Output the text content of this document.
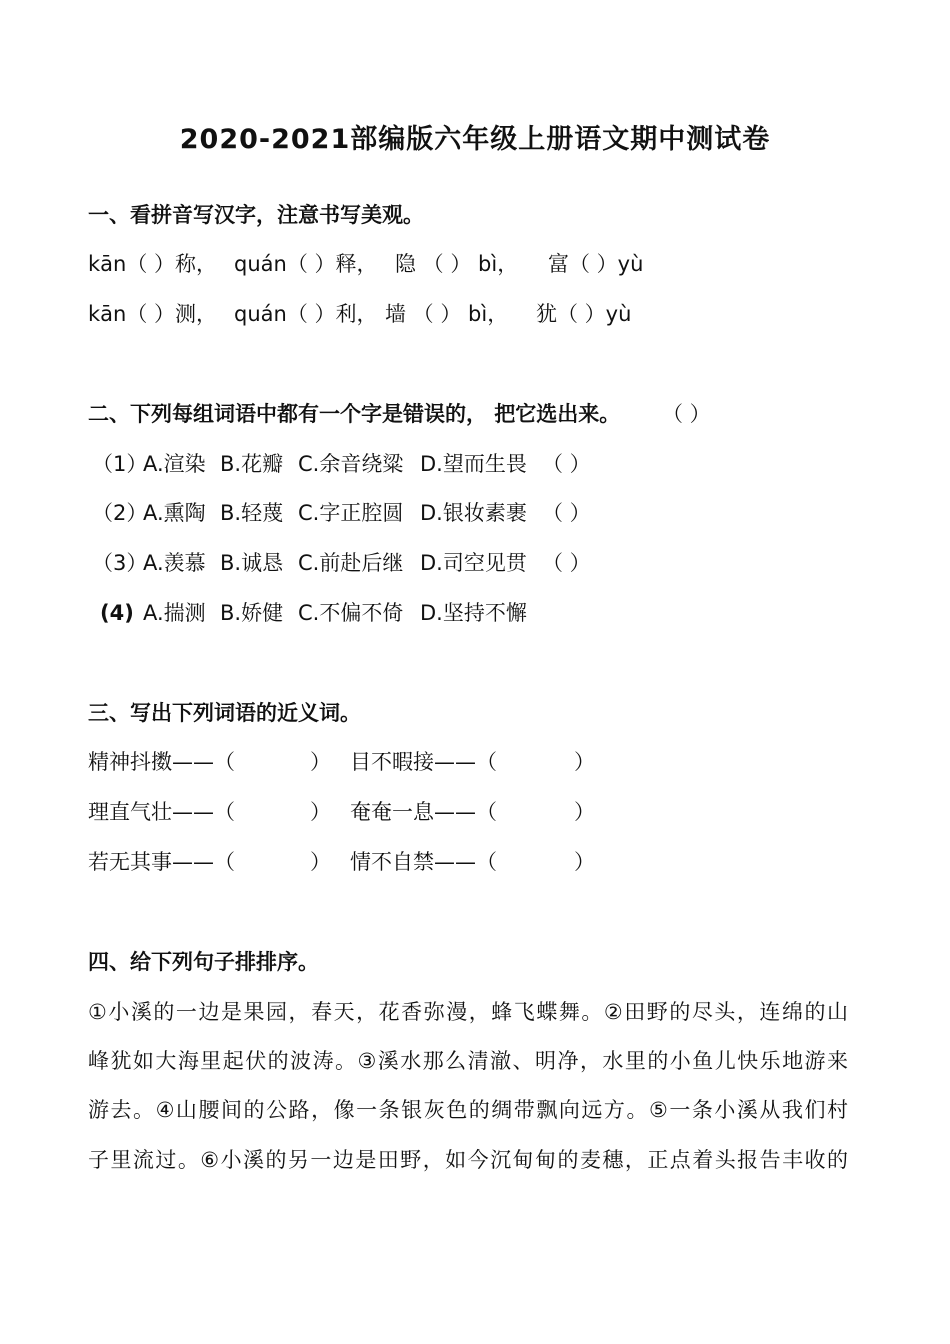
2020-2021部编版六年级上册语文期中测试卷
一、看拼音写汉字，注意书写美观。
kān（ ）称， quán（ ）释， 隐 （ ） bì， 富（ ）yù
kān（ ）测， quán（ ）利， 墙 （ ） bì， 犹（ ）yù
二、下列每组词语中都有一个字是错误的， 把它选出来。 （ ）
（1）
A.渲染 B.花瓣 C.余音绕粱 D.望而生畏 （ ）
（2）
A.熏陶 B.轻蔑 C.字正腔圆 D.银妆素裹 （ ）
（3）
A.羡慕 B.诚恳 C.前赴后继 D.司空见贯 （ ）
(4) A.揣测 B.娇健 C.不偏不倚 D.坚持不懈
三、写出下列词语的近义词。
精神抖擞——（	） 目不暇接——（	）
理直气壮——（	） 奄奄一息——（	）
若无其事——（	） 情不自禁——（	）
四、给下列句子排排序。
①小溪的一边是果园，春天，花香弥漫，蜂飞蝶舞。②田野的尽头，连绵的山
峰犹如大海里起伏的波涛。③溪水那么清澈、明净，水里的小鱼儿快乐地游来
游去。④山腰间的公路，像一条银灰色的绸带飘向远方。⑤一条小溪从我们村
子里流过。⑥小溪的另一边是田野，如今沉甸甸的麦穗，正点着头报告丰收的
